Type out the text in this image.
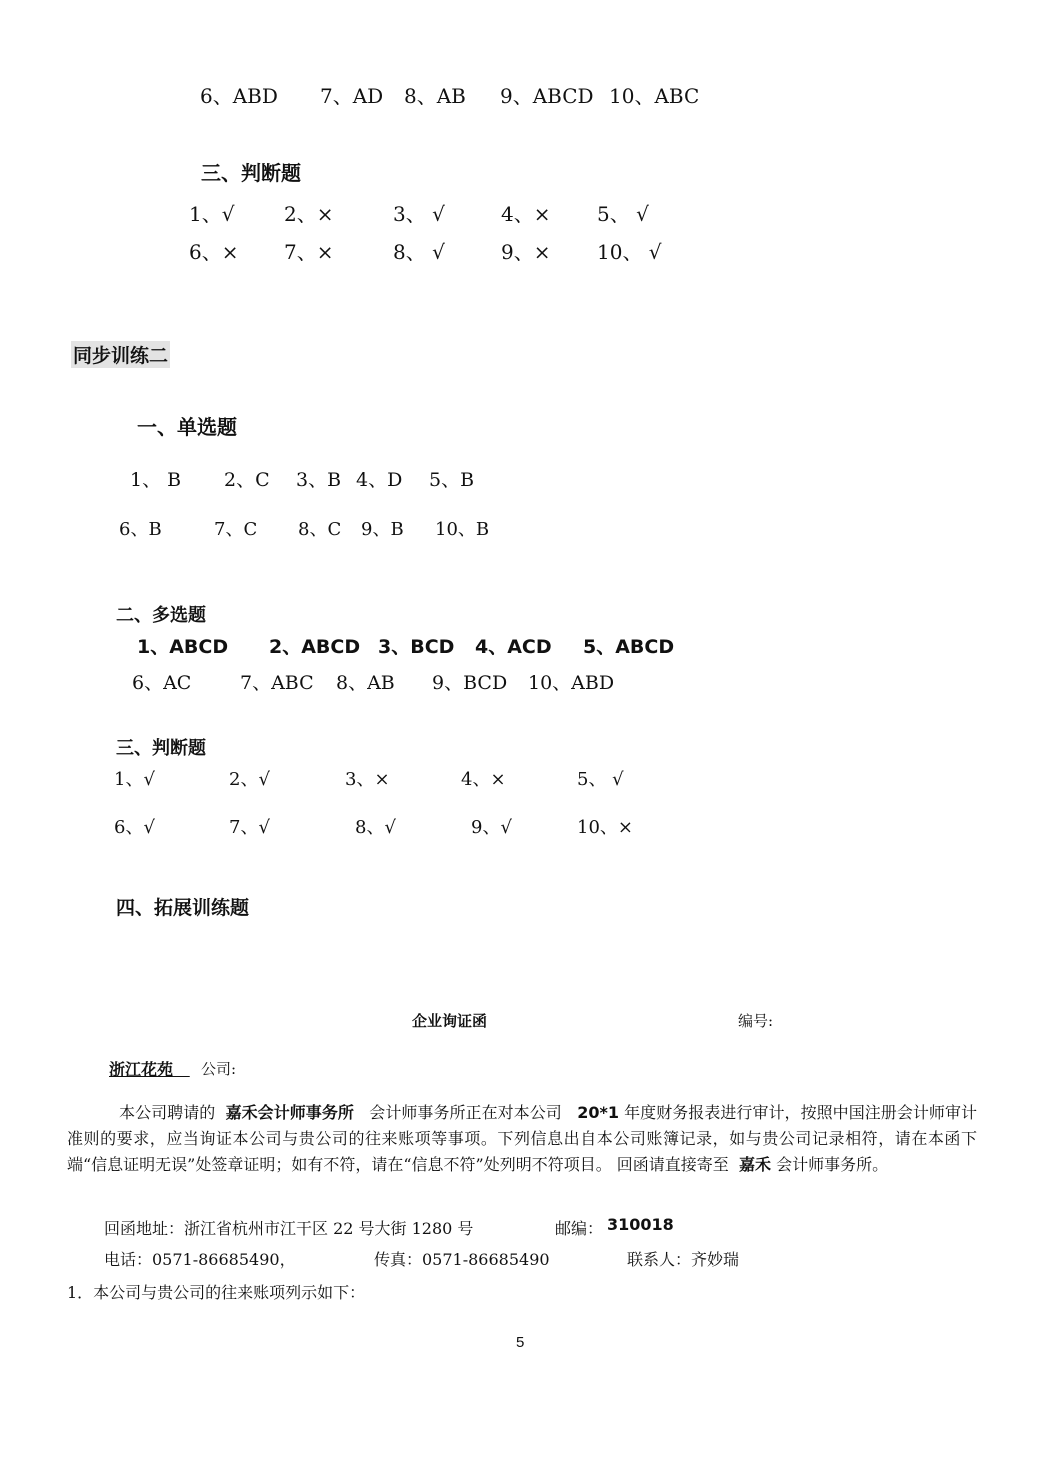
6、ABD 7、AD 8、AB 9、ABCD 10、ABC
三、判断题
1、√ 2、×	3、 √	4、× 5、 √
6、× 7、×	8、 √	9、× 10、 √
同步训练二
一、单选题
1、 B 2、C 3、B 4、D 5、B
6、B	7、C 8、C 9、B 10、B
二、多选题
1、ABCD 2、ABCD 3、BCD 4、ACD 5、ABCD
6、AC	7、ABC 8、AB 9、BCD 10、ABD
三、判断题
1、√	2、√	3、×	4、×	5、 √
6、√	7、√	8、√	9、√	10、×
四、拓展训练题
企业询证函	编号:
浙江花苑	公司:
本公司聘请的 嘉禾会计师事务所 会计师事务所正在对本公司 20*1 年度财务报表进行审计，按照中国注册会计师审计准则的要求，应当询证本公司与贵公司的往来账项等事项。下列信息出自本公司账簿记录，如与贵公司记录相符，请在本函下端“信息证明无误”处签章证明；如有不符，请在“信息不符”处列明不符项目。 回函请直接寄至 嘉禾 会计师事务所。
回函地址：浙江省杭州市江干区 22 号大街 1280 号	邮编： 310018
电话：0571-86685490，	传真：0571-86685490	联系人：齐妙瑞
1．本公司与贵公司的往来账项列示如下：
5
